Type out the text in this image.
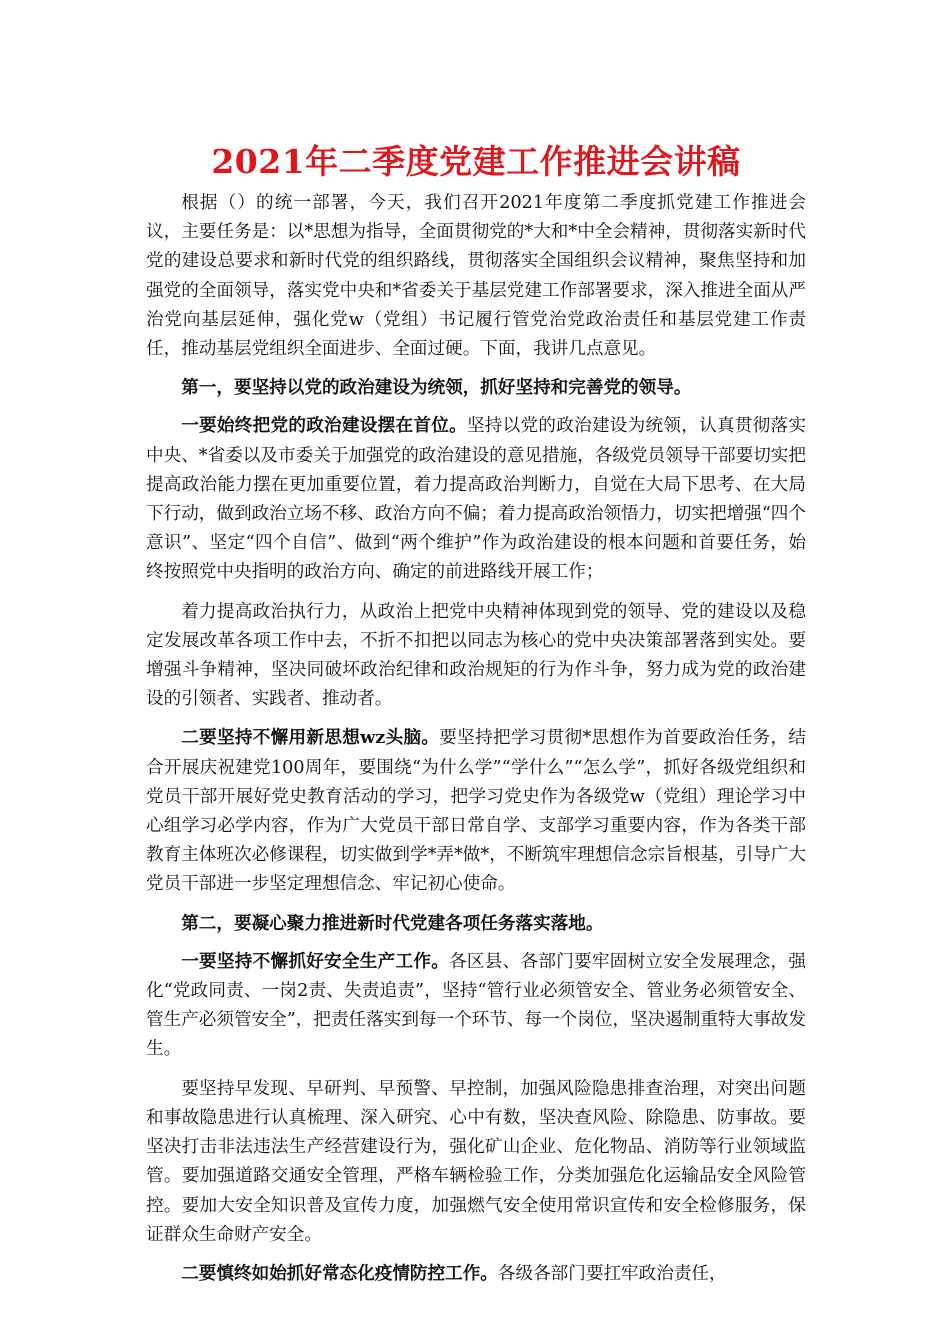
2021年二季度党建工作推进会讲稿

根据（）的统一部署，今天，我们召开2021年度第二季度抓党建工作推进会议，主要任务是：以*思想为指导，全面贯彻党的*大和*中全会精神，贯彻落实新时代党的建设总要求和新时代党的组织路线，贯彻落实全国组织会议精神，聚焦坚持和加强党的全面领导，落实党中央和*省委关于基层党建工作部署要求，深入推进全面从严治党向基层延伸，强化党w（党组）书记履行管党治党政治责任和基层党建工作责任，推动基层党组织全面进步、全面过硬。下面，我讲几点意见。

第一，要坚持以党的政治建设为统领，抓好坚持和完善党的领导。

一要始终把党的政治建设摆在首位。坚持以党的政治建设为统领，认真贯彻落实中央、*省委以及市委关于加强党的政治建设的意见措施，各级党员领导干部要切实把提高政治能力摆在更加重要位置，着力提高政治判断力，自觉在大局下思考、在大局下行动，做到政治立场不移、政治方向不偏；着力提高政治领悟力，切实把增强“四个意识”、坚定“四个自信”、做到“两个维护”作为政治建设的根本问题和首要任务，始终按照党中央指明的政治方向、确定的前进路线开展工作；

着力提高政治执行力，从政治上把党中央精神体现到党的领导、党的建设以及稳定发展改革各项工作中去，不折不扣把以同志为核心的党中央决策部署落到实处。要增强斗争精神，坚决同破坏政治纪律和政治规矩的行为作斗争，努力成为党的政治建设的引领者、实践者、推动者。

二要坚持不懈用新思想wz头脑。要坚持把学习贯彻*思想作为首要政治任务，结合开展庆祝建党100周年，要围绕“为什么学”“学什么”“怎么学”，抓好各级党组织和党员干部开展好党史教育活动的学习，把学习党史作为各级党w（党组）理论学习中心组学习必学内容，作为广大党员干部日常自学、支部学习重要内容，作为各类干部教育主体班次必修课程，切实做到学*弄*做*，不断筑牢理想信念宗旨根基，引导广大党员干部进一步坚定理想信念、牢记初心使命。

第二，要凝心聚力推进新时代党建各项任务落实落地。

一要坚持不懈抓好安全生产工作。各区县、各部门要牢固树立安全发展理念，强化“党政同责、一岗2责、失责追责”，坚持“管行业必须管安全、管业务必须管安全、管生产必须管安全”，把责任落实到每一个环节、每一个岗位，坚决遏制重特大事故发生。

要坚持早发现、早研判、早预警、早控制，加强风险隐患排查治理，对突出问题和事故隐患进行认真梳理、深入研究、心中有数，坚决查风险、除隐患、防事故。要坚决打击非法违法生产经营建设行为，强化矿山企业、危化物品、消防等行业领域监管。要加强道路交通安全管理，严格车辆检验工作，分类加强危化运输品安全风险管控。要加大安全知识普及宣传力度，加强燃气安全使用常识宣传和安全检修服务，保证群众生命财产安全。

二要慎终如始抓好常态化疫情防控工作。各级各部门要扛牢政治责任，
